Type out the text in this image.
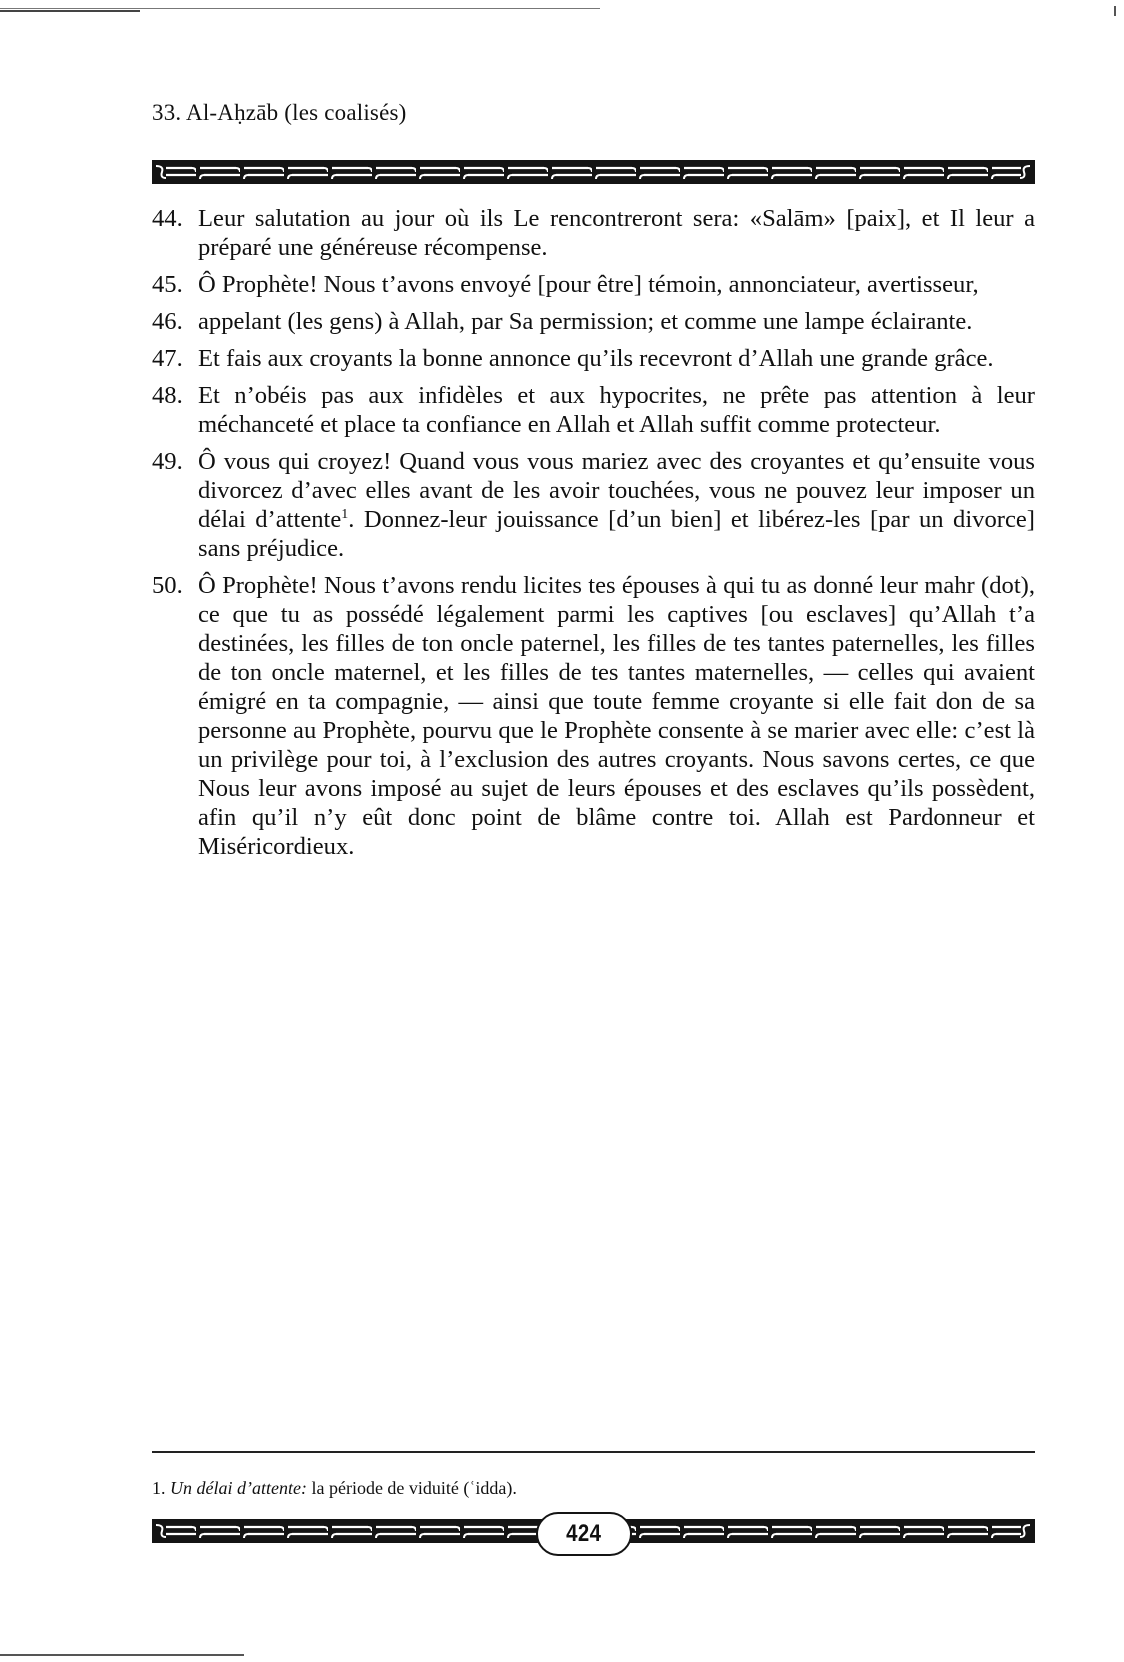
33. Al-Aḥzāb (les coalisés)
44. Leur salutation au jour où ils Le rencontreront sera: «Salām» [paix], et Il leur a préparé une généreuse récompense.
45. Ô Prophète! Nous t’avons envoyé [pour être] témoin, annonciateur, avertisseur,
46. appelant (les gens) à Allah, par Sa permission; et comme une lampe éclairante.
47. Et fais aux croyants la bonne annonce qu’ils recevront d’Allah une grande grâce.
48. Et n’obéis pas aux infidèles et aux hypocrites, ne prête pas attention à leur méchanceté et place ta confiance en Allah et Allah suffit comme protecteur.
49. Ô vous qui croyez! Quand vous vous mariez avec des croyantes et qu’ensuite vous divorcez d’avec elles avant de les avoir touchées, vous ne pouvez leur imposer un délai d’attente$^1$. Donnez-leur jouissance [d’un bien] et libérez-les [par un divorce] sans préjudice.
50. Ô Prophète! Nous t’avons rendu licites tes épouses à qui tu as donné leur mahr (dot), ce que tu as possédé légalement parmi les captives [ou esclaves] qu’Allah t’a destinées, les filles de ton oncle paternel, les filles de tes tantes paternelles, les filles de ton oncle maternel, et les filles de tes tantes maternelles, — celles qui avaient émigré en ta compagnie, — ainsi que toute femme croyante si elle fait don de sa personne au Prophète, pourvu que le Prophète consente à se marier avec elle: c’est là un privilège pour toi, à l’exclusion des autres croyants. Nous savons certes, ce que Nous leur avons imposé au sujet de leurs épouses et des esclaves qu’ils possèdent, afin qu’il n’y eût donc point de blâme contre toi. Allah est Pardonneur et Miséricordieux.
1. Un délai d’attente: la période de viduité (ʿidda).
424
